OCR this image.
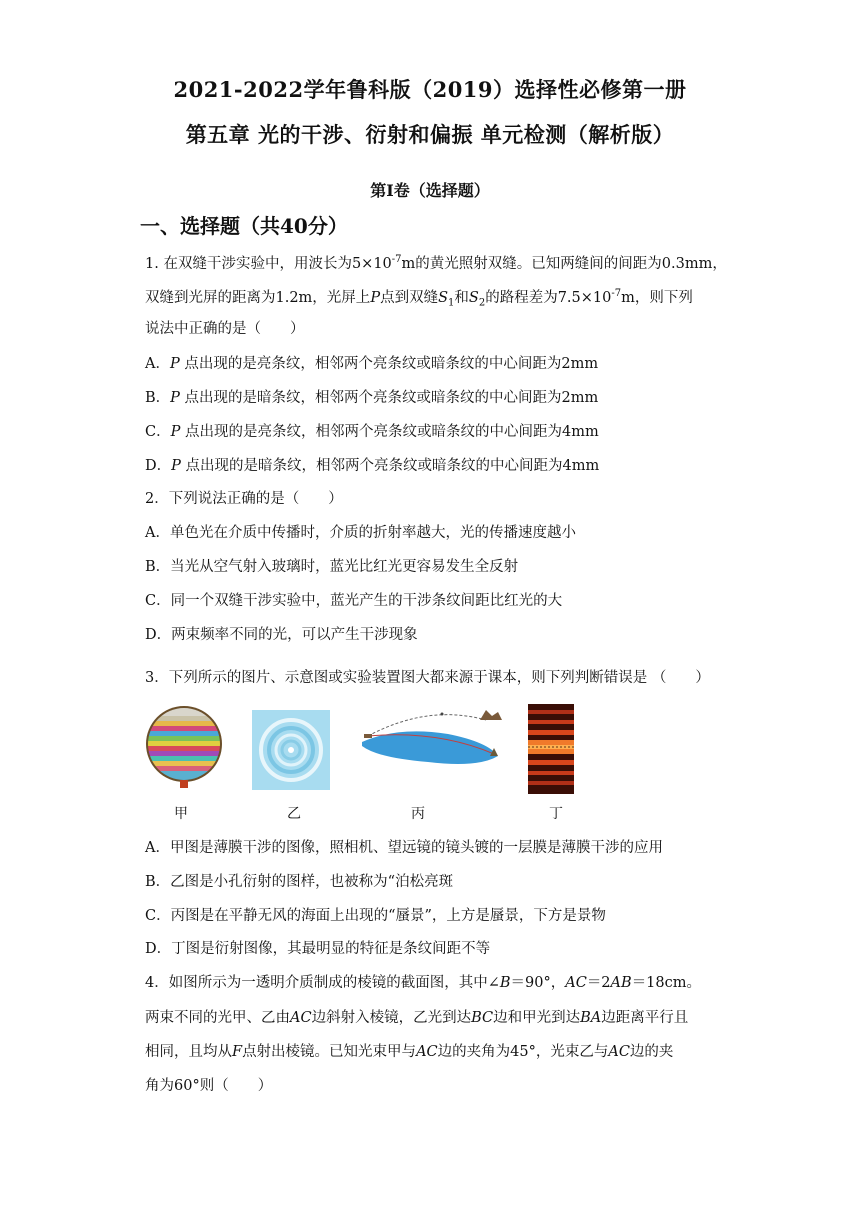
2021-2022学年鲁科版（2019）选择性必修第一册
第五章 光的干涉、衍射和偏振 单元检测（解析版）
第Ⅰ卷（选择题）
一、选择题（共40分）
1. 在双缝干涉实验中，用波长为$5\times 10^{-7}m$的黄光照射双缝。已知两缝间的间距为0.3mm，
双缝到光屏的距离为1.2m，光屏上P点到双缝$S_1$和$S_2$的路程差为$7.5\times 10^{-7}m$，则下列
说法中正确的是（　　）
A．P 点出现的是亮条纹，相邻两个亮条纹或暗条纹的中心间距为2mm
B．P 点出现的是暗条纹，相邻两个亮条纹或暗条纹的中心间距为2mm
C．P 点出现的是亮条纹，相邻两个亮条纹或暗条纹的中心间距为4mm
D．P 点出现的是暗条纹，相邻两个亮条纹或暗条纹的中心间距为4mm
2．下列说法正确的是（　　）
A．单色光在介质中传播时，介质的折射率越大，光的传播速度越小
B．当光从空气射入玻璃时，蓝光比红光更容易发生全反射
C．同一个双缝干涉实验中，蓝光产生的干涉条纹间距比红光的大
D．两束频率不同的光，可以产生干涉现象
3．下列所示的图片、示意图或实验装置图大都来源于课本，则下列判断错误是 （　　）
甲	乙	丙	丁
A．甲图是薄膜干涉的图像，照相机、望远镜的镜头镀的一层膜是薄膜干涉的应用
B．乙图是小孔衍射的图样，也被称为“泊松亮斑
C．丙图是在平静无风的海面上出现的“蜃景”，上方是蜃景，下方是景物
D．丁图是衍射图像，其最明显的特征是条纹间距不等
4．如图所示为一透明介质制成的棱镜的截面图，其中∠B＝90°，AC＝2AB＝18cm。
两束不同的光甲、乙由AC边斜射入棱镜，乙光到达BC边和甲光到达BA边距离平行且
相同，且均从F点射出棱镜。已知光束甲与AC边的夹角为45°，光束乙与AC边的夹
角为60°则（　　）
